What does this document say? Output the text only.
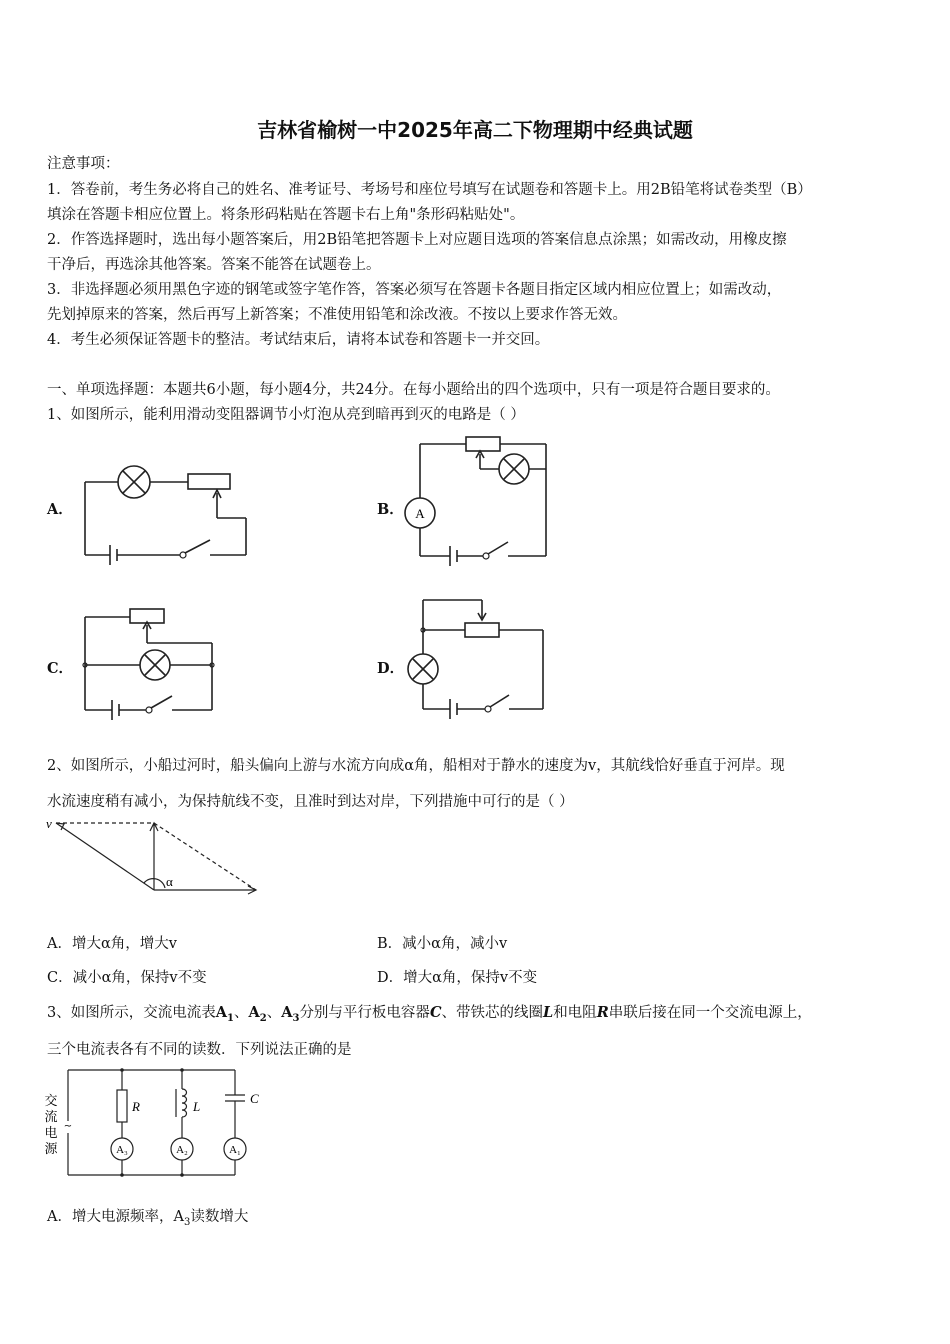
吉林省榆树一中2025年高二下物理期中经典试题
注意事项：
1．答卷前，考生务必将自己的姓名、准考证号、考场号和座位号填写在试题卷和答题卡上。用2B铅笔将试卷类型（B）
填涂在答题卡相应位置上。将条形码粘贴在答题卡右上角"条形码粘贴处"。
2．作答选择题时，选出每小题答案后，用2B铅笔把答题卡上对应题目选项的答案信息点涂黑；如需改动，用橡皮擦
干净后，再选涂其他答案。答案不能答在试题卷上。
3．非选择题必须用黑色字迹的钢笔或签字笔作答，答案必须写在答题卡各题目指定区域内相应位置上；如需改动，
先划掉原来的答案，然后再写上新答案；不准使用铅笔和涂改液。不按以上要求作答无效。
4．考生必须保证答题卡的整洁。考试结束后，请将本试卷和答题卡一并交回。
一、单项选择题：本题共6小题，每小题4分，共24分。在每小题给出的四个选项中，只有一项是符合题目要求的。
1、如图所示，能利用滑动变阻器调节小灯泡从亮到暗再到灭的电路是（ ）
A．	B．
C．	D．
A
2、如图所示，小船过河时，船头偏向上游与水流方向成α角，船相对于静水的速度为v，其航线恰好垂直于河岸。现
水流速度稍有减小，为保持航线不变，且准时到达对岸，下列措施中可行的是（ ）
v
α
A．增大α角，增大v	B．减小α角，减小v
C．减小α角，保持v不变	D．增大α角，保持v不变
3、如图所示，交流电流表$A_1$、$A_2$、$A_3$分别与平行板电容器C、带铁芯的线圈L和电阻R串联后接在同一个交流电源上，
三个电流表各有不同的读数．下列说法正确的是
交
流
电
源
~
R
A₃
L
A₂
C
A₁
A．增大电源频率，$A_3$读数增大
